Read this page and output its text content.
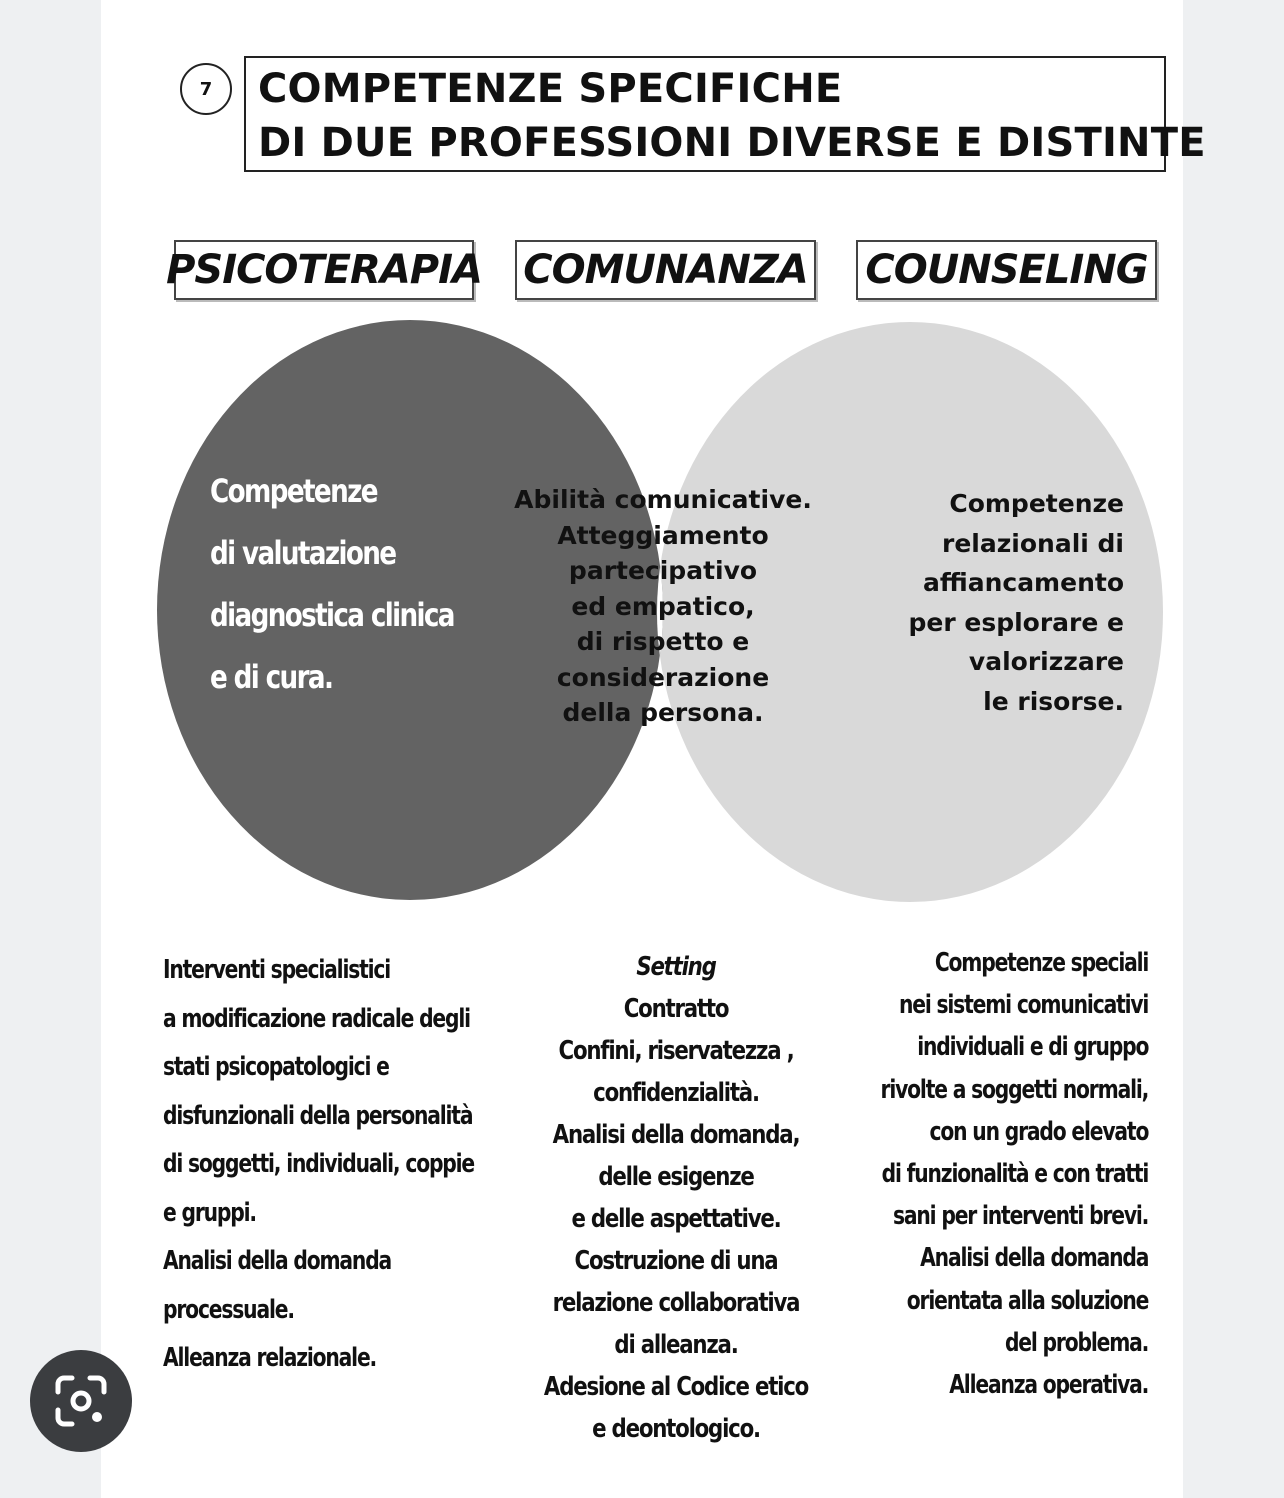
7	COMPETENZE SPECIFICHE
DI DUE PROFESSIONI DIVERSE E DISTINTE
PSICOTERAPIA COMUNANZA COUNSELING
Competenze
di valutazione
diagnostica clinica
e di cura.
Abilità comunicative.
Atteggiamento
partecipativo
ed empatico,
di rispetto e
considerazione
della persona.
Competenze
relazionali di
affiancamento
per esplorare e
valorizzare
le risorse.
Interventi specialistici
a modificazione radicale degli
stati psicopatologici e
disfunzionali della personalità
di soggetti, individuali, coppie
e gruppi.
Analisi della domanda
processuale.
Alleanza relazionale.
Setting
Contratto
Confini, riservatezza ,
confidenzialità.
Analisi della domanda,
delle esigenze
e delle aspettative.
Costruzione di una
relazione collaborativa
di alleanza.
Adesione al Codice etico
e deontologico.
Competenze speciali
nei sistemi comunicativi
individuali e di gruppo
rivolte a soggetti normali,
con un grado elevato
di funzionalità e con tratti
sani per interventi brevi.
Analisi della domanda
orientata alla soluzione
del problema.
Alleanza operativa.
